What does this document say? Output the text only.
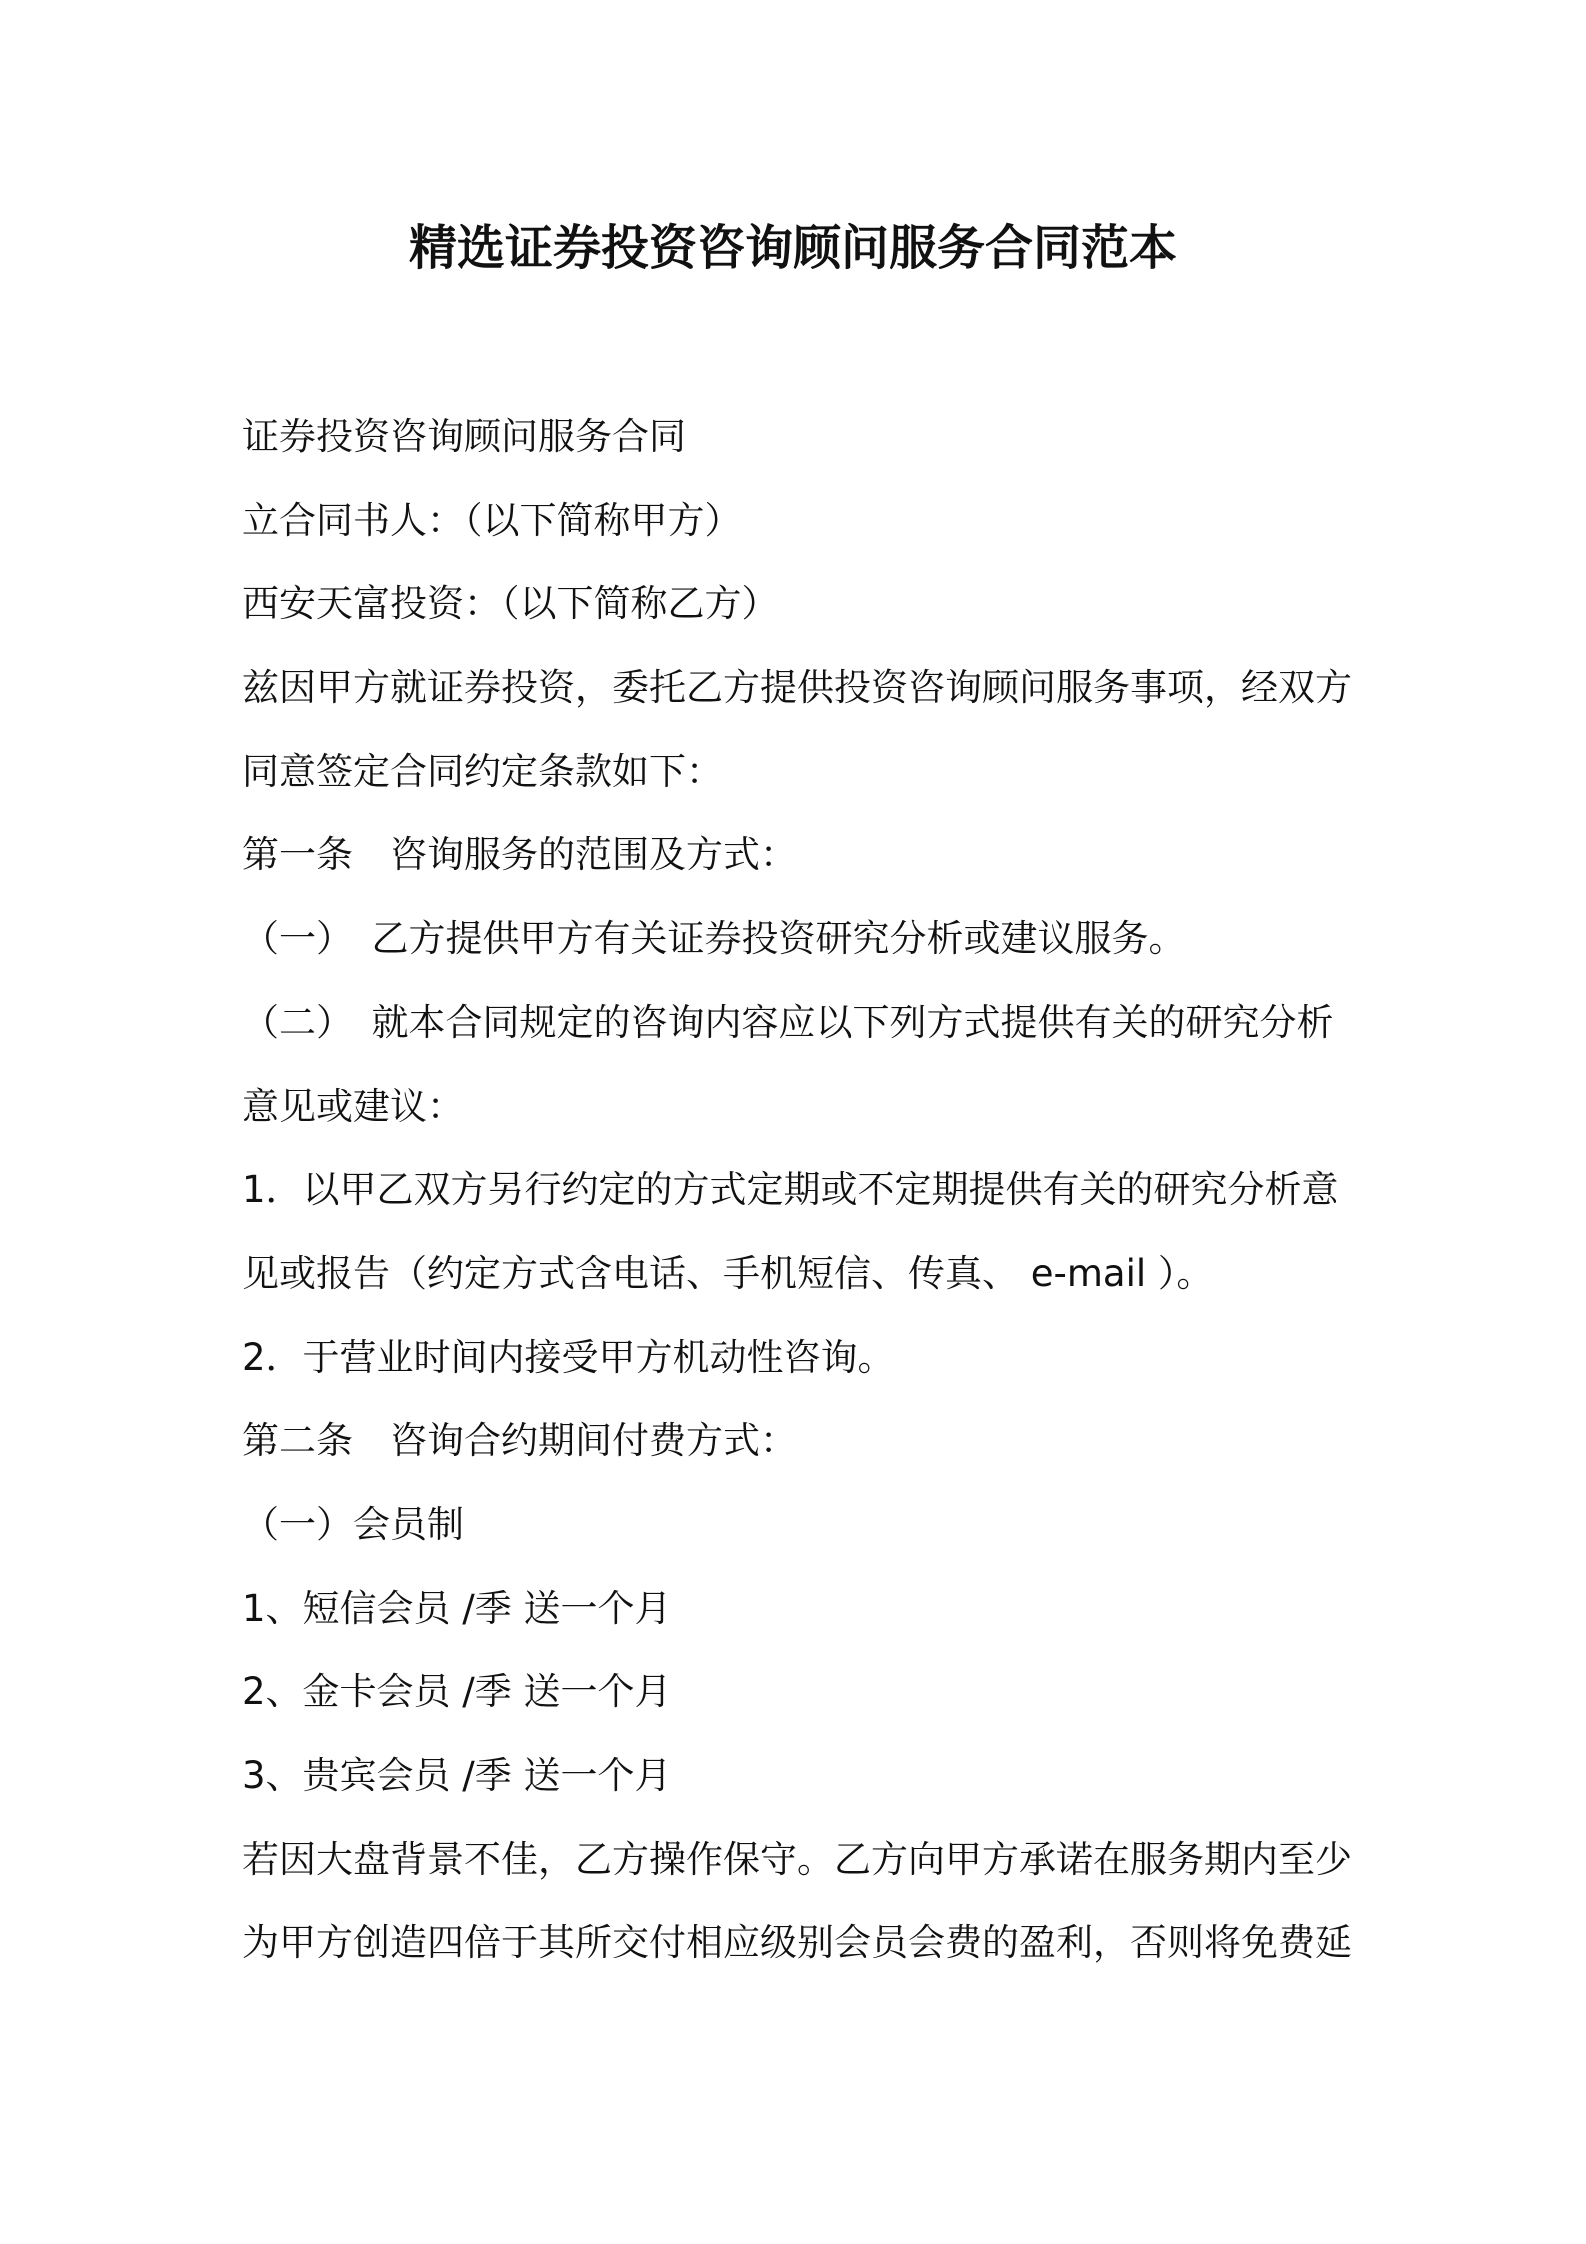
精选证券投资咨询顾问服务合同范本
证券投资咨询顾问服务合同
立合同书人：（以下简称甲方）
西安天富投资：（以下简称乙方）
兹因甲方就证券投资，委托乙方提供投资咨询顾问服务事项，经双方
同意签定合同约定条款如下：
第一条　咨询服务的范围及方式：
（一）　乙方提供甲方有关证券投资研究分析或建议服务。
（二）　就本合同规定的咨询内容应以下列方式提供有关的研究分析
意见或建议：
1．以甲乙双方另行约定的方式定期或不定期提供有关的研究分析意
见或报告（约定方式含电话、手机短信、传真、 e-mail ）。
2．于营业时间内接受甲方机动性咨询。
第二条　咨询合约期间付费方式：
（一）会员制
1、短信会员 /季 送一个月
2、金卡会员 /季 送一个月
3、贵宾会员 /季 送一个月
若因大盘背景不佳，乙方操作保守。乙方向甲方承诺在服务期内至少
为甲方创造四倍于其所交付相应级别会员会费的盈利，否则将免费延
